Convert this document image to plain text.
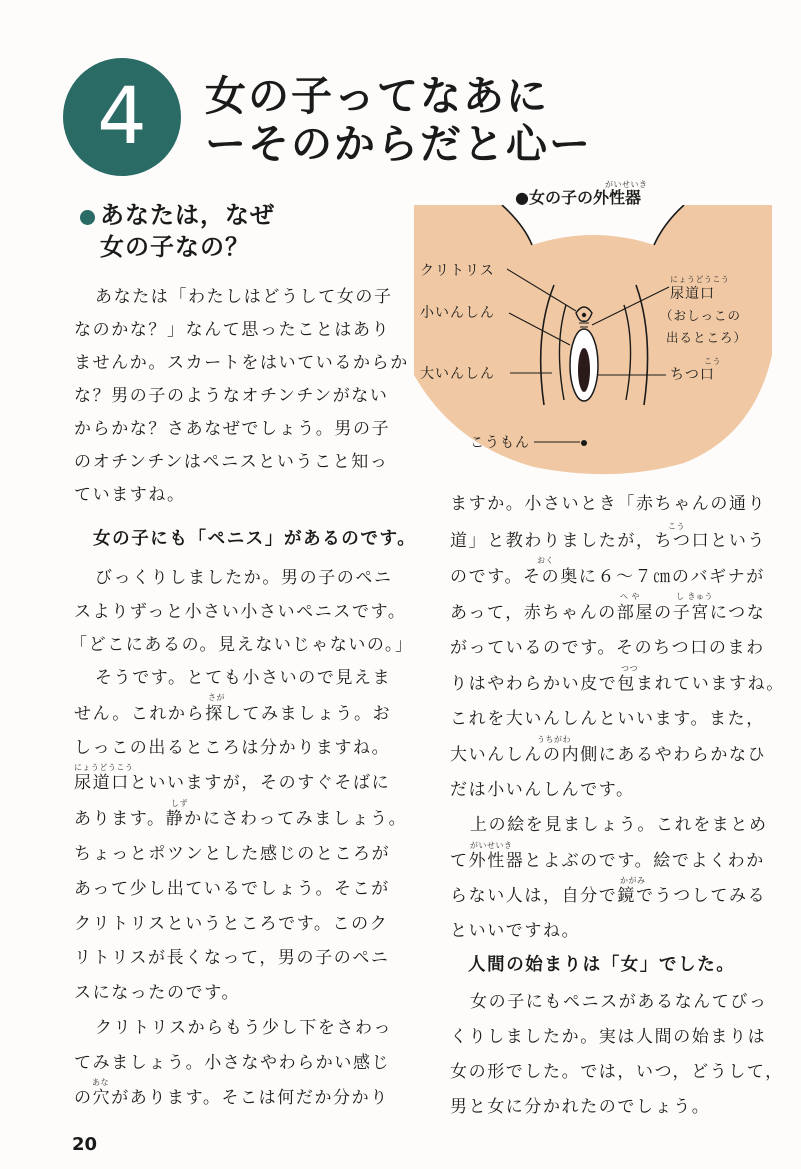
4	女の子ってなあに
ーそのからだと心ー
あなたは，なぜ
女の子なの？
がいせいき
●女の子の外性器
クリトリス
小いんしん
大いんしん
こうもん
にょうどうこう
尿道口
（おしっこの
出るところ）
こう
ちつ口
あなたは「わたしはどうして女の子
なのかな？」なんて思ったことはあり
ませんか。スカートをはいているからか
な？男の子のようなオチンチンがない
からかな？さあなぜでしょう。男の子
のオチンチンはペニスということ知っ
ていますね。
女の子にも「ペニス」があるのです。
びっくりしましたか。男の子のペニ
スよりずっと小さい小さいペニスです。
「どこにあるの。見えないじゃないの。」
そうです。とても小さいので見えま
さが
せん。これから探してみましょう。お
しっこの出るところは分かりますね。
にょうどうこう
尿道口といいますが，そのすぐそばに
しず
あります。静かにさわってみましょう。
ちょっとポツンとした感じのところが
あって少し出ているでしょう。そこが
クリトリスというところです。このク
リトリスが長くなって，男の子のペニ
スになったのです。
クリトリスからもう少し下をさわっ
てみましょう。小さなやわらかい感じ
あな
の穴があります。そこは何だか分かり
ますか。小さいとき「赤ちゃんの通り
こう
道」と教わりましたが，ちつ口という
おく
のです。その奥に６～７㎝のバギナが
へ や	し きゅう
あって，赤ちゃんの部屋の子宮につな
がっているのです。そのちつ口のまわ
つつ
りはやわらかい皮で包まれていますね。
これを大いんしんといいます。また，
うちがわ
大いんしんの内側にあるやわらかなひ
だは小いんしんです。
上の絵を見ましょう。これをまとめ
がいせいき
て外性器とよぶのです。絵でよくわか
かがみ
らない人は，自分で鏡でうつしてみる
といいですね。
人間の始まりは「女」でした。
女の子にもペニスがあるなんてびっ
くりしましたか。実は人間の始まりは
女の形でした。では，いつ，どうして，
男と女に分かれたのでしょう。
20
